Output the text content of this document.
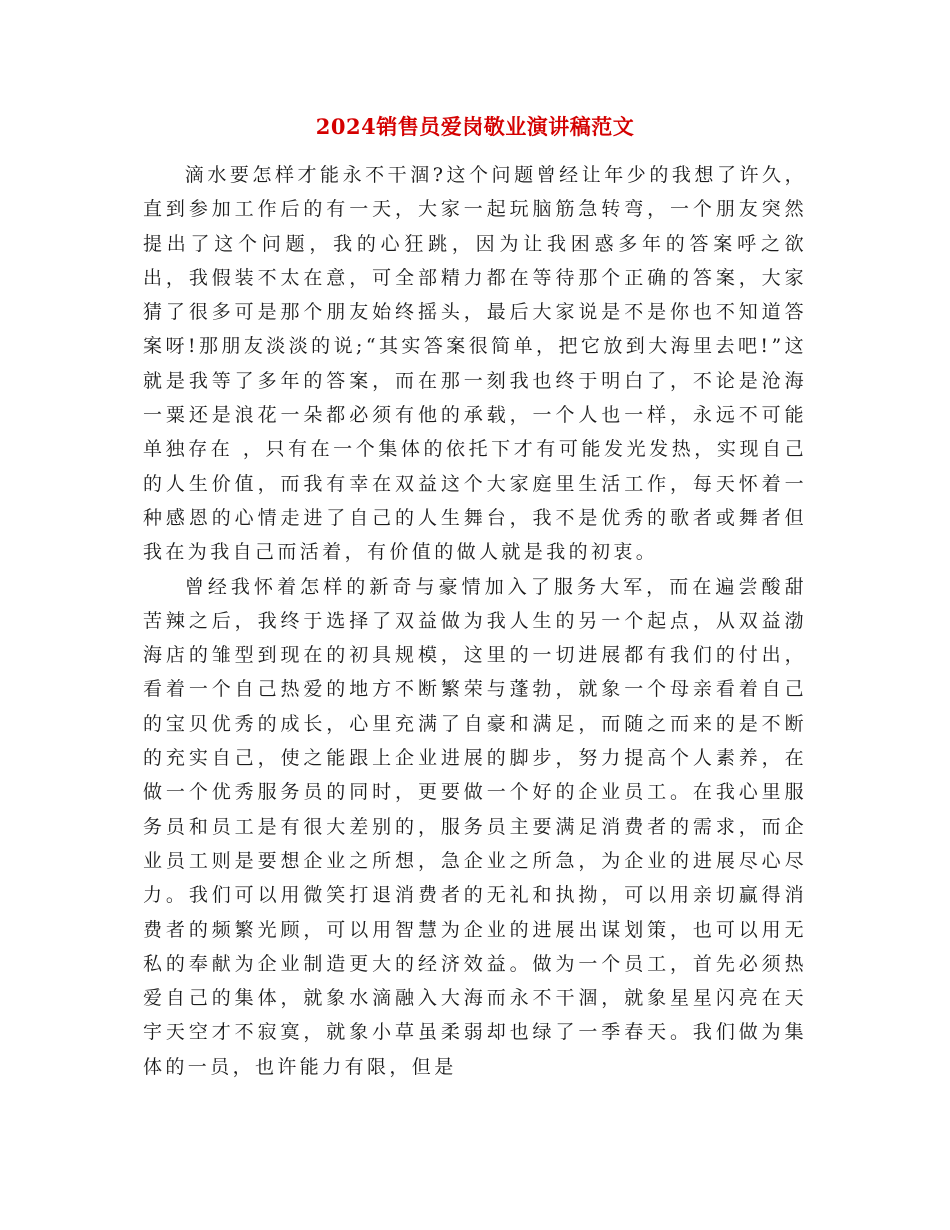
2024销售员爱岗敬业演讲稿范文

滴水要怎样才能永不干涸?这个问题曾经让年少的我想了许久，直到参加工作后的有一天，大家一起玩脑筋急转弯，一个朋友突然提出了这个问题，我的心狂跳，因为让我困惑多年的答案呼之欲出，我假装不太在意，可全部精力都在等待那个正确的答案，大家猜了很多可是那个朋友始终摇头，最后大家说是不是你也不知道答案呀!那朋友淡淡的说;“其实答案很简单，把它放到大海里去吧!”这就是我等了多年的答案，而在那一刻我也终于明白了，不论是沧海一粟还是浪花一朵都必须有他的承载，一个人也一样，永远不可能单独存在 ，只有在一个集体的依托下才有可能发光发热，实现自己的人生价值，而我有幸在双益这个大家庭里生活工作，每天怀着一种感恩的心情走进了自己的人生舞台，我不是优秀的歌者或舞者但我在为我自己而活着，有价值的做人就是我的初衷。

曾经我怀着怎样的新奇与豪情加入了服务大军，而在遍尝酸甜苦辣之后，我终于选择了双益做为我人生的另一个起点，从双益渤海店的雏型到现在的初具规模，这里的一切进展都有我们的付出，看着一个自己热爱的地方不断繁荣与蓬勃，就象一个母亲看着自己的宝贝优秀的成长，心里充满了自豪和满足，而随之而来的是不断的充实自己，使之能跟上企业进展的脚步，努力提高个人素养，在做一个优秀服务员的同时，更要做一个好的企业员工。在我心里服务员和员工是有很大差别的，服务员主要满足消费者的需求，而企业员工则是要想企业之所想，急企业之所急，为企业的进展尽心尽力。我们可以用微笑打退消费者的无礼和执拗，可以用亲切赢得消费者的频繁光顾，可以用智慧为企业的进展出谋划策，也可以用无私的奉献为企业制造更大的经济效益。做为一个员工，首先必须热爱自己的集体，就象水滴融入大海而永不干涸，就象星星闪亮在天宇天空才不寂寞，就象小草虽柔弱却也绿了一季春天。我们做为集体的一员，也许能力有限，但是
